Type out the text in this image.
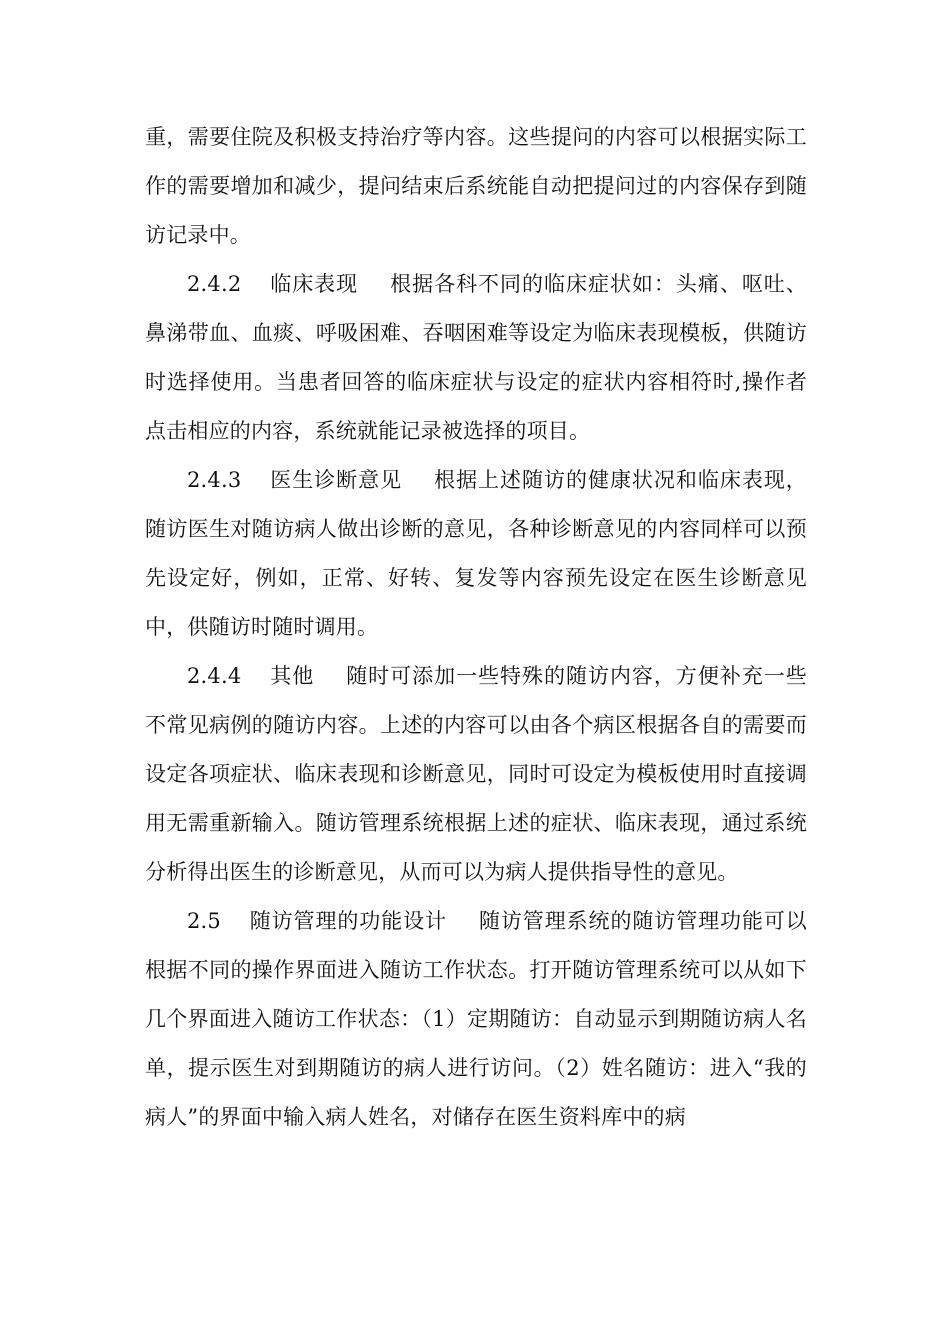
重，需要住院及积极支持治疗等内容。这些提问的内容可以根据实际工作的需要增加和减少，提问结束后系统能自动把提问过的内容保存到随访记录中。

2.4.2 临床表现 根据各科不同的临床症状如：头痛、呕吐、鼻涕带血、血痰、呼吸困难、吞咽困难等设定为临床表现模板，供随访时选择使用。当患者回答的临床症状与设定的症状内容相符时,操作者点击相应的内容，系统就能记录被选择的项目。

2.4.3 医生诊断意见 根据上述随访的健康状况和临床表现，随访医生对随访病人做出诊断的意见，各种诊断意见的内容同样可以预先设定好，例如，正常、好转、复发等内容预先设定在医生诊断意见中，供随访时随时调用。

2.4.4 其他 随时可添加一些特殊的随访内容，方便补充一些不常见病例的随访内容。上述的内容可以由各个病区根据各自的需要而设定各项症状、临床表现和诊断意见，同时可设定为模板使用时直接调用无需重新输入。随访管理系统根据上述的症状、临床表现，通过系统分析得出医生的诊断意见，从而可以为病人提供指导性的意见。

2.5 随访管理的功能设计 随访管理系统的随访管理功能可以根据不同的操作界面进入随访工作状态。打开随访管理系统可以从如下几个界面进入随访工作状态：（1）定期随访：自动显示到期随访病人名单，提示医生对到期随访的病人进行访问。（2）姓名随访：进入“我的病人”的界面中输入病人姓名，对储存在医生资料库中的病
